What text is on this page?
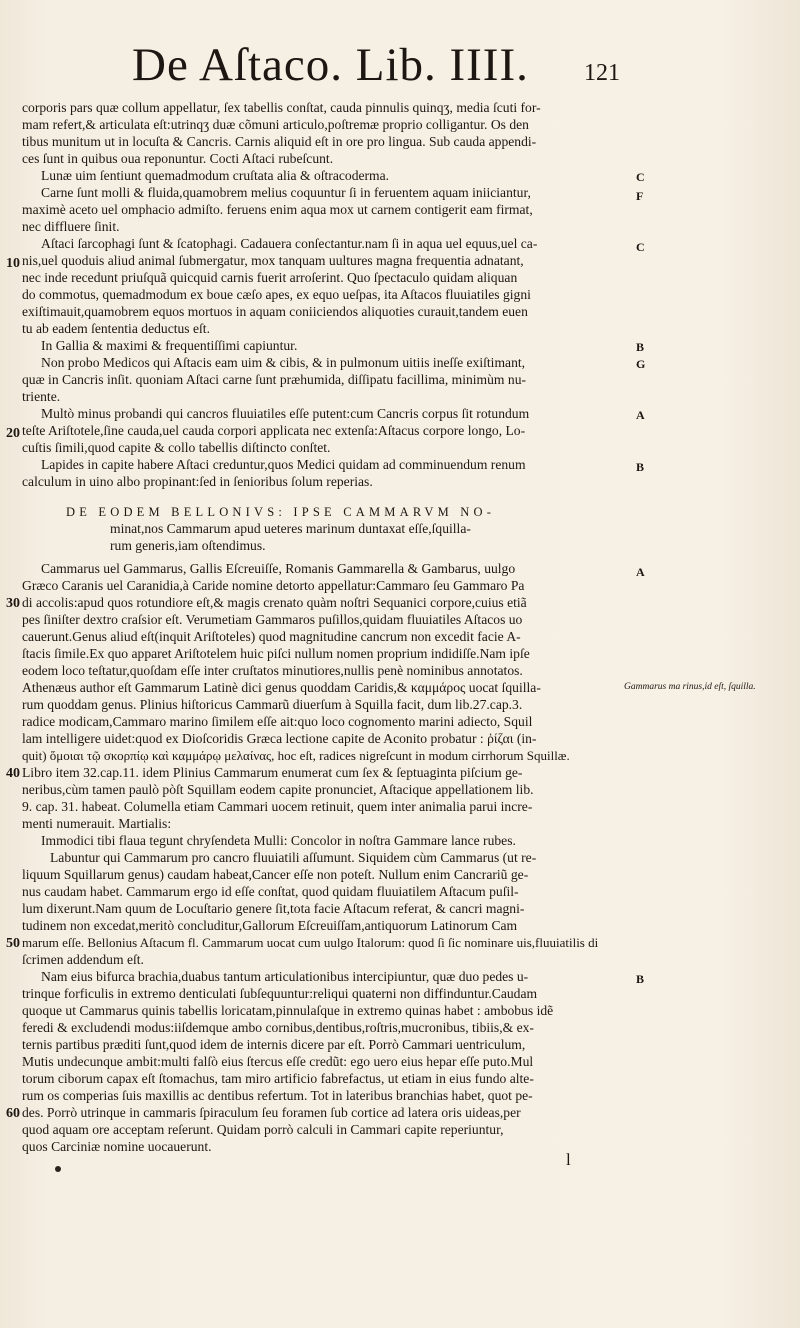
De Aſtaco. Lib. IIII. 121
corporis pars quæ collum appellatur, ſex tabellis conſtat, cauda pinnulis quinqʒ, media ſcuti for-
mam refert,& articulata eſt:utrinqʒ duæ cõmuni articulo,poſtremæ proprio colligantur. Os den
tibus munitum ut in locuſta & Cancris. Carnis aliquid eſt in ore pro lingua. Sub cauda appendi-
ces ſunt in quibus oua reponuntur. Cocti Aſtaci rubeſcunt.
Lunæ uim ſentiunt quemadmodum cruſtata alia & oſtracoderma.
Carne ſunt molli & fluida,quamobrem melius coquuntur ſi in feruentem aquam iniiciantur,
maximè aceto uel omphacio admiſto. feruens enim aqua mox ut carnem contigerit eam firmat,
nec diffluere ſinit.
Aſtaci ſarcophagi ſunt & ſcatophagi. Cadauera conſectantur.nam ſi in aqua uel equus,uel ca-
nis,uel quoduis aliud animal ſubmergatur, mox tanquam uultures magna frequentia adnatant,
nec inde recedunt priuſquã quicquid carnis fuerit arroſerint. Quo ſpectaculo quidam aliquan
do commotus, quemadmodum ex boue cæſo apes, ex equo ueſpas, ita Aſtacos fluuiatiles gigni
exiſtimauit,quamobrem equos mortuos in aquam coniiciendos aliquoties curauit,tandem euen
tu ab eadem ſententia deductus eſt.
In Gallia & maximi & frequentiſſimi capiuntur.
Non probo Medicos qui Aſtacis eam uim & cibis, & in pulmonum uitiis ineſſe exiſtimant,
quæ in Cancris inſit. quoniam Aſtaci carne ſunt præhumida, diſſipatu facillima, minimùm nu-
triente.
Multò minus probandi qui cancros fluuiatiles eſſe putent:cum Cancris corpus ſit rotundum
teſte Ariſtotele,ſine cauda,uel cauda corpori applicata nec extenſa:Aſtacus corpore longo, Lo-
cuſtis ſimili,quod capite & collo tabellis diſtincto conſtet.
Lapides in capite habere Aſtaci creduntur,quos Medici quidam ad comminuendum renum
calculum in uino albo propinant:ſed in ſenioribus ſolum reperias.
DE EODEM BELLONIVS: IPSE CAMMARVM NO-
minat,nos Cammarum apud ueteres marinum duntaxat eſſe,ſquilla-
rum generis,iam oſtendimus.
Cammarus uel Gammarus, Gallis Eſcreuiſſe, Romanis Gammarella & Gambarus, uulgo
Græco Caranis uel Caranidia,à Caride nomine detorto appellatur:Cammaro ſeu Gammaro Pa
di accolis:apud quos rotundiore eſt,& magis crenato quàm noſtri Sequanici corpore,cuius etiã
pes ſiniſter dextro craſsior eſt. Verumetiam Gammaros puſillos,quidam fluuiatiles Aſtacos uo
cauerunt.Genus aliud eſt(inquit Ariſtoteles) quod magnitudine cancrum non excedit facie A-
ſtacis ſimile.Ex quo apparet Ariſtotelem huic piſci nullum nomen proprium indidiſſe.Nam ipſe
eodem loco teſtatur,quoſdam eſſe inter cruſtatos minutiores,nullis penè nominibus annotatos.
Athenæus author eſt Gammarum Latinè dici genus quoddam Caridis,& καμμάρος uocat ſquilla-
rum quoddam genus. Plinius hiſtoricus Cammarũ diuerſum à Squilla facit, dum lib.27.cap.3.
radice modicam,Cammaro marino ſimilem eſſe ait:quo loco cognomento marini adiecto, Squil
lam intelligere uidet:quod ex Dioſcoridis Græca lectione capite de Aconito probatur : ῥίζαι (in-
quit) ὅμοιαι τῷ σκορπίῳ καὶ καμμάρῳ μελαίνας, hoc eſt, radices nigreſcunt in modum cirrhorum Squillæ.
Libro item 32.cap.11. idem Plinius Cammarum enumerat cum ſex & ſeptuaginta piſcium ge-
neribus,cùm tamen paulò pòſt Squillam eodem capite pronunciet, Aſtacique appellationem lib.
9. cap. 31. habeat. Columella etiam Cammari uocem retinuit, quem inter animalia parui incre-
menti numerauit. Martialis:
Immodici tibi flaua tegunt chryſendeta Mulli: Concolor in noſtra Gammare lance rubes.
Labuntur qui Cammarum pro cancro fluuiatili aſſumunt. Siquidem cùm Cammarus (ut re-
liquum Squillarum genus) caudam habeat,Cancer eſſe non poteſt. Nullum enim Cancrariũ ge-
nus caudam habet. Cammarum ergo id eſſe conſtat, quod quidam fluuiatilem Aſtacum puſil-
lum dixerunt.Nam quum de Locuſtario genere ſit,tota facie Aſtacum referat, & cancri magni-
tudinem non excedat,meritò concluditur,Gallorum Eſcreuiſſam,antiquorum Latinorum Cam
marum eſſe. Bellonius Aſtacum fl. Cammarum uocat cum uulgo Italorum: quod ſi ſic nominare uis,fluuiatilis di
ſcrimen addendum eſt.
Nam eius bifurca brachia,duabus tantum articulationibus intercipiuntur, quæ duo pedes u-
trinque forficulis in extremo denticulati ſubſequuntur:reliqui quaterni non diffinduntur.Caudam
quoque ut Cammarus quinis tabellis loricatam,pinnulaſque in extremo quinas habet : ambobus idẽ
feredi & excludendi modus:iiſdemque ambo cornibus,dentibus,roſtris,mucronibus, tibiis,& ex-
ternis partibus præditi ſunt,quod idem de internis dicere par eſt. Porrò Cammari uentriculum,
Mutis undecunque ambit:multi falſò eius ſtercus eſſe credũt: ego uero eius hepar eſſe puto.Mul
torum ciborum capax eſt ſtomachus, tam miro artificio fabrefactus, ut etiam in eius fundo alte-
rum os comperias ſuis maxillis ac dentibus refertum. Tot in lateribus branchias habet, quot pe-
des. Porrò utrinque in cammaris ſpiraculum ſeu foramen ſub cortice ad latera oris uideas,per
quod aquam ore acceptam reſerunt. Quidam porrò calculi in Cammari capite reperiuntur,
quos Carciniæ nomine uocauerunt.
C
F
C
B
G
A
B
A
B
10
20
30
40
50
60
Gammarus ma rinus,id eſt, ſquilla.
l
